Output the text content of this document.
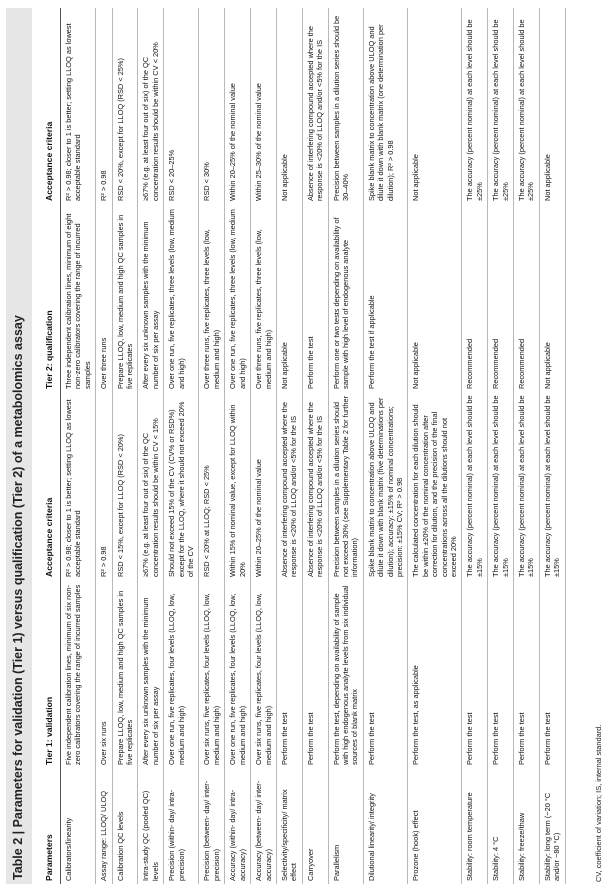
Table 2 | Parameters for validation (Tier 1) versus qualification (Tier 2) of a metabolomics assay Parameters	Tier 1: validation	Acceptance criteria	Tier 2: qualification	Acceptance criteria
Calibrators/linearity	Five independent calibration lines, minimum of six non-zero calibrators covering the range of incurred samples	R² > 0.98; closer to 1 is better; setting LLOQ as lowest acceptable standard	Three independent calibration lines, minimum of eight non-zero calibrators covering the range of incurred samples	R² > 0.98; closer to 1 is better; setting LLOQ as lowest acceptable standard
Assay range: LLOQ/ ULOQ	Over six runs	R² > 0.98	Over three runs	R² > 0.98
Calibration QC levels	Prepare LLOQ, low, medium and high QC samples in five replicates	RSD < 15%, except for LLOQ (RSD < 20%)	Prepare LLOQ, low, medium and high QC samples in five replicates	RSD < 20%, except for LLOQ (RSD < 25%)
Intra-study QC (pooled QC) levels	After every six unknown samples with the minimum number of six per assay	≥67% (e.g. at least four out of six) of the QC concentration results should be within CV < 15%	After every six unknown samples with the minimum number of six per assay	≥67% (e.g. at least four out of six) of the QC concentration results should be within CV < 20%
Precision (within- day/ intra-precision)	Over one run, five replicates, four levels (LLOQ, low, medium and high)	Should not exceed 15% of the CV (CV% or RSD%) except for the LLOQ, where it should not exceed 20% of the CV	Over one run, five replicates, three levels (low, medium and high)	RSD < 20–25%
Precision (between- day/ inter-precision)	Over six runs, five replicates, four levels (LLOQ, low, medium and high)	RSD < 20% at LLOQ; RSD < 25%	Over three runs, five replicates, three levels (low, medium and high)	RSD < 30%
Accuracy (within- day/ intra-accuracy)	Over one run, five replicates, four levels (LLOQ, low, medium and high)	Within 15% of nominal value, except for LLOQ within 20%	Over one run, five replicates, three levels (low, medium and high)	Within 20–25% of the nominal value
Accuracy (between- day/ inter-accuracy)	Over six runs, five replicates, four levels (LLOQ, low, medium and high)	Within 20–25% of the nominal value	Over three runs, five replicates, three levels (low, medium and high)	Within 25–30% of the nominal value
Selectivity/specificity/ matrix effect	Perform the test	Absence of interfering compound accepted where the response is <20% of LLOQ and/or <5% for the IS	Not applicable	Not applicable
Carryover	Perform the test	Absence of interfering compound accepted where the response is <20% of LLOQ and/or <5% for the IS	Perform the test	Absence of interfering compound accepted where the response is <20% of LLOQ and/or <5% for the IS
Parallelism	Perform the test, depending on availability of sample with high endogenous analyte levels from six individual sources of blank matrix	Precision between samples in a dilution series should not exceed 30% (see Supplementary Table 2 for further information)	Perform one or two tests depending on availability of sample with high level of endogenous analyte	Precision between samples in a dilution series should be 30–40%
Dilutional linearity/ integrity	Perform the test	Spike blank matrix to concentration above ULOQ and dilute it down with blank matrix (five determinations per dilution); accuracy: ±15% of nominal concentrations; precision: ±15% CV; R² > 0.98	Perform the test if applicable	Spike blank matrix to concentration above ULOQ and dilute it down with blank matrix (one determination per dilution); R² > 0.98
Prozone (hook) effect	Perform the test, as applicable	The calculated concentration for each dilution should be within ±20% of the nominal concentration after correction for dilution, and the precision of the final concentrations across all the dilutions should not exceed 20%	Not applicable	Not applicable
Stability: room temperature	Perform the test	The accuracy (percent nominal) at each level should be ±15%	Recommended	The accuracy (percent nominal) at each level should be ±25%
Stability: 4 °C	Perform the test	The accuracy (percent nominal) at each level should be ±15%	Recommended	The accuracy (percent nominal) at each level should be ±25%
Stability: freeze/thaw	Perform the test	The accuracy (percent nominal) at each level should be ±15%	Recommended	The accuracy (percent nominal) at each level should be ±25%
Stability: long term (−20 °C and/or −80 °C)	Perform the test	The accuracy (percent nominal) at each level should be ±15%	Not applicable	Not applicable
CV, coefficient of variation; IS, internal standard.
